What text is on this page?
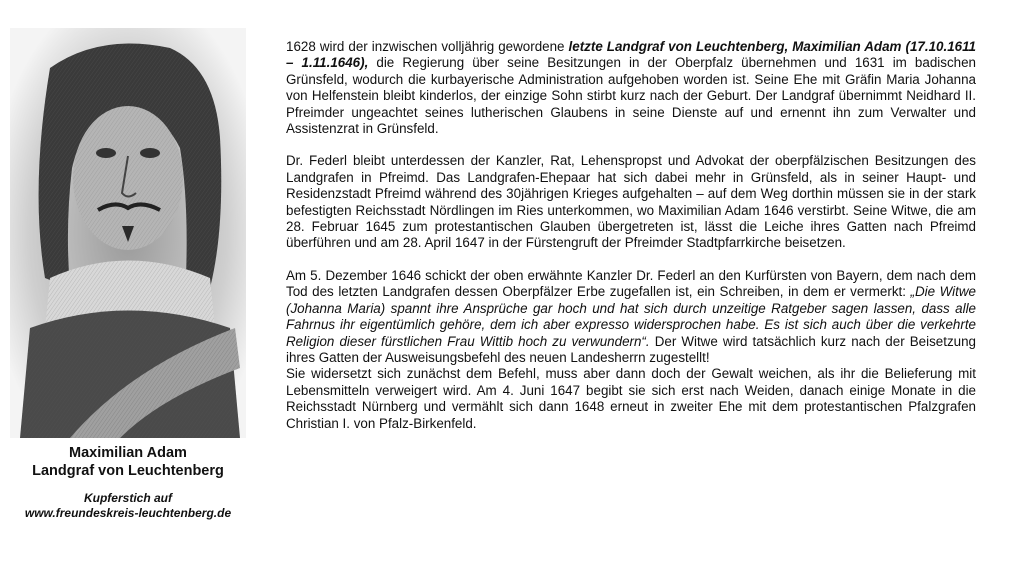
Maximilian Adam
Landgraf von Leuchtenberg
Kupferstich auf
www.freundeskreis-leuchtenberg.de

1628 wird der inzwischen volljährig gewordene letzte Landgraf von Leuchtenberg, Maximilian Adam (17.10.1611 – 1.11.1646), die Regierung über seine Besitzungen in der Oberpfalz übernehmen und 1631 im badischen Grünsfeld, wodurch die kurbayerische Administration aufgehoben worden ist. Seine Ehe mit Gräfin Maria Johanna von Helfenstein bleibt kinderlos, der einzige Sohn stirbt kurz nach der Geburt. Der Landgraf übernimmt Neidhard II. Pfreimder ungeachtet seines lutherischen Glaubens in seine Dienste auf und ernennt ihn zum Verwalter und Assistenzrat in Grünsfeld.

Dr. Federl bleibt unterdessen der Kanzler, Rat, Lehenspropst und Advokat der oberpfälzischen Besitzungen des Landgrafen in Pfreimd. Das Landgrafen-Ehepaar hat sich dabei mehr in Grünsfeld, als in seiner Haupt- und Residenzstadt Pfreimd während des 30jährigen Krieges aufgehalten – auf dem Weg dorthin müssen sie in der stark befestigten Reichsstadt Nördlingen im Ries unterkommen, wo Maximilian Adam 1646 verstirbt. Seine Witwe, die am 28. Februar 1645 zum protestantischen Glauben übergetreten ist, lässt die Leiche ihres Gatten nach Pfreimd überführen und am 28. April 1647 in der Fürstengruft der Pfreimder Stadtpfarrkirche beisetzen.

Am 5. Dezember 1646 schickt der oben erwähnte Kanzler Dr. Federl an den Kurfürsten von Bayern, dem nach dem Tod des letzten Landgrafen dessen Oberpfälzer Erbe zugefallen ist, ein Schreiben, in dem er vermerkt: „Die Witwe (Johanna Maria) spannt ihre Ansprüche gar hoch und hat sich durch unzeitige Ratgeber sagen lassen, dass alle Fahrnus ihr eigentümlich gehöre, dem ich aber expresso widersprochen habe. Es ist sich auch über die verkehrte Religion dieser fürstlichen Frau Wittib hoch zu verwundern“. Der Witwe wird tatsächlich kurz nach der Beisetzung ihres Gatten der Ausweisungsbefehl des neuen Landesherrn zugestellt!

Sie widersetzt sich zunächst dem Befehl, muss aber dann doch der Gewalt weichen, als ihr die Belieferung mit Lebensmitteln verweigert wird. Am 4. Juni 1647 begibt sie sich erst nach Weiden, danach einige Monate in die Reichsstadt Nürnberg und vermählt sich dann 1648 erneut in zweiter Ehe mit dem protestantischen Pfalzgrafen Christian I. von Pfalz-Birkenfeld.
